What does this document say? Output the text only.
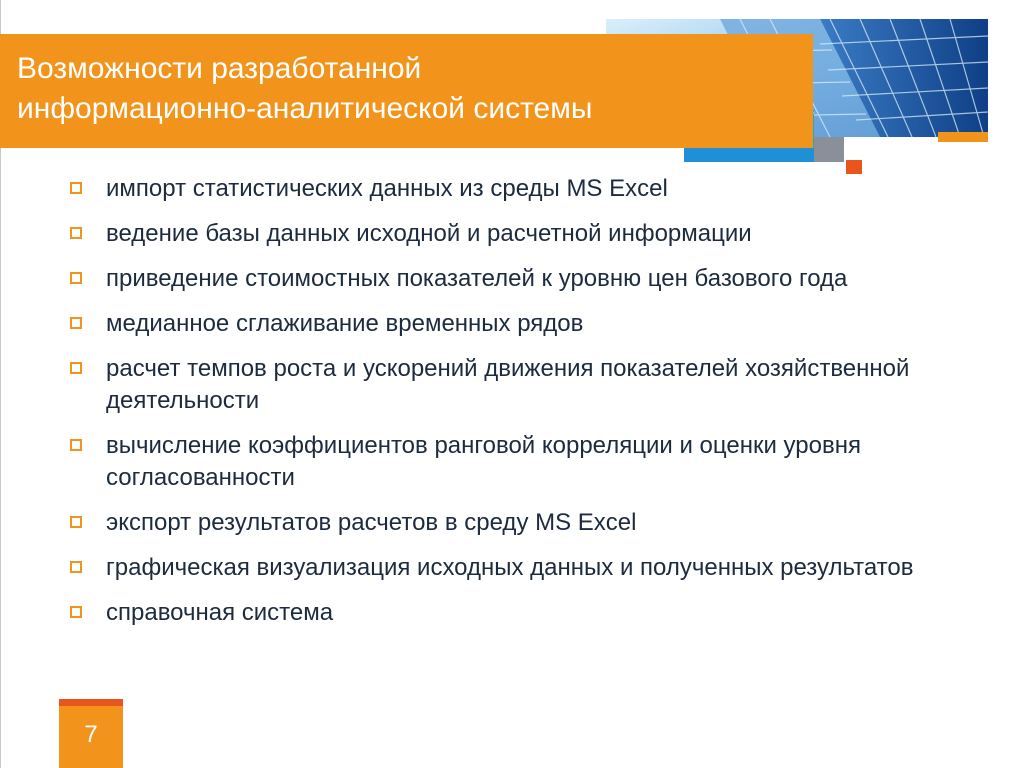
Возможности разработанной
информационно-аналитической системы
импорт статистических данных из среды MS Excel
ведение базы данных исходной и расчетной информации
приведение стоимостных показателей к уровню цен базового года
медианное сглаживание временных рядов
расчет темпов роста и ускорений движения показателей хозяйственной деятельности
вычисление коэффициентов ранговой корреляции и оценки уровня согласованности
экспорт результатов расчетов в среду MS Excel
графическая визуализация исходных данных и полученных результатов
справочная система
7
